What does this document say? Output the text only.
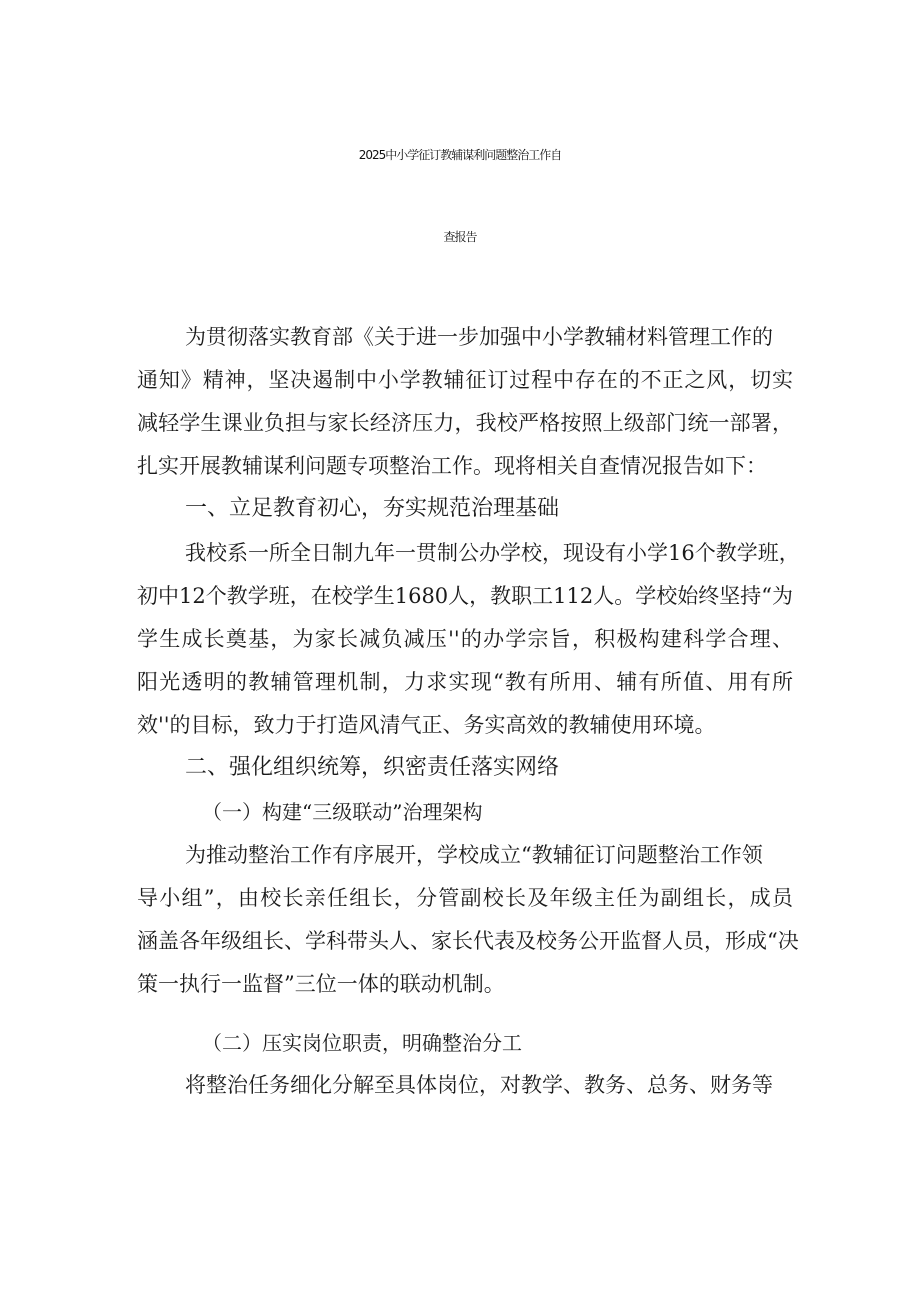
2025中小学征订教辅谋利问题整治工作自
查报告
为贯彻落实教育部《关于进一步加强中小学教辅材料管理工作的
通知》精神，坚决遏制中小学教辅征订过程中存在的不正之风，切实
减轻学生课业负担与家长经济压力，我校严格按照上级部门统一部署，
扎实开展教辅谋利问题专项整治工作。现将相关自查情况报告如下：
一、立足教育初心，夯实规范治理基础
我校系一所全日制九年一贯制公办学校，现设有小学16个教学班，
初中12个教学班，在校学生1680人，教职工112人。学校始终坚持“为
学生成长奠基，为家长减负减压''的办学宗旨，积极构建科学合理、
阳光透明的教辅管理机制，力求实现“教有所用、辅有所值、用有所
效''的目标，致力于打造风清气正、务实高效的教辅使用环境。
二、强化组织统筹，织密责任落实网络
（一）构建“三级联动”治理架构
为推动整治工作有序展开，学校成立“教辅征订问题整治工作领
导小组”，由校长亲任组长，分管副校长及年级主任为副组长，成员
涵盖各年级组长、学科带头人、家长代表及校务公开监督人员，形成“决
策一执行一监督”三位一体的联动机制。
（二）压实岗位职责，明确整治分工
将整治任务细化分解至具体岗位，对教学、教务、总务、财务等
